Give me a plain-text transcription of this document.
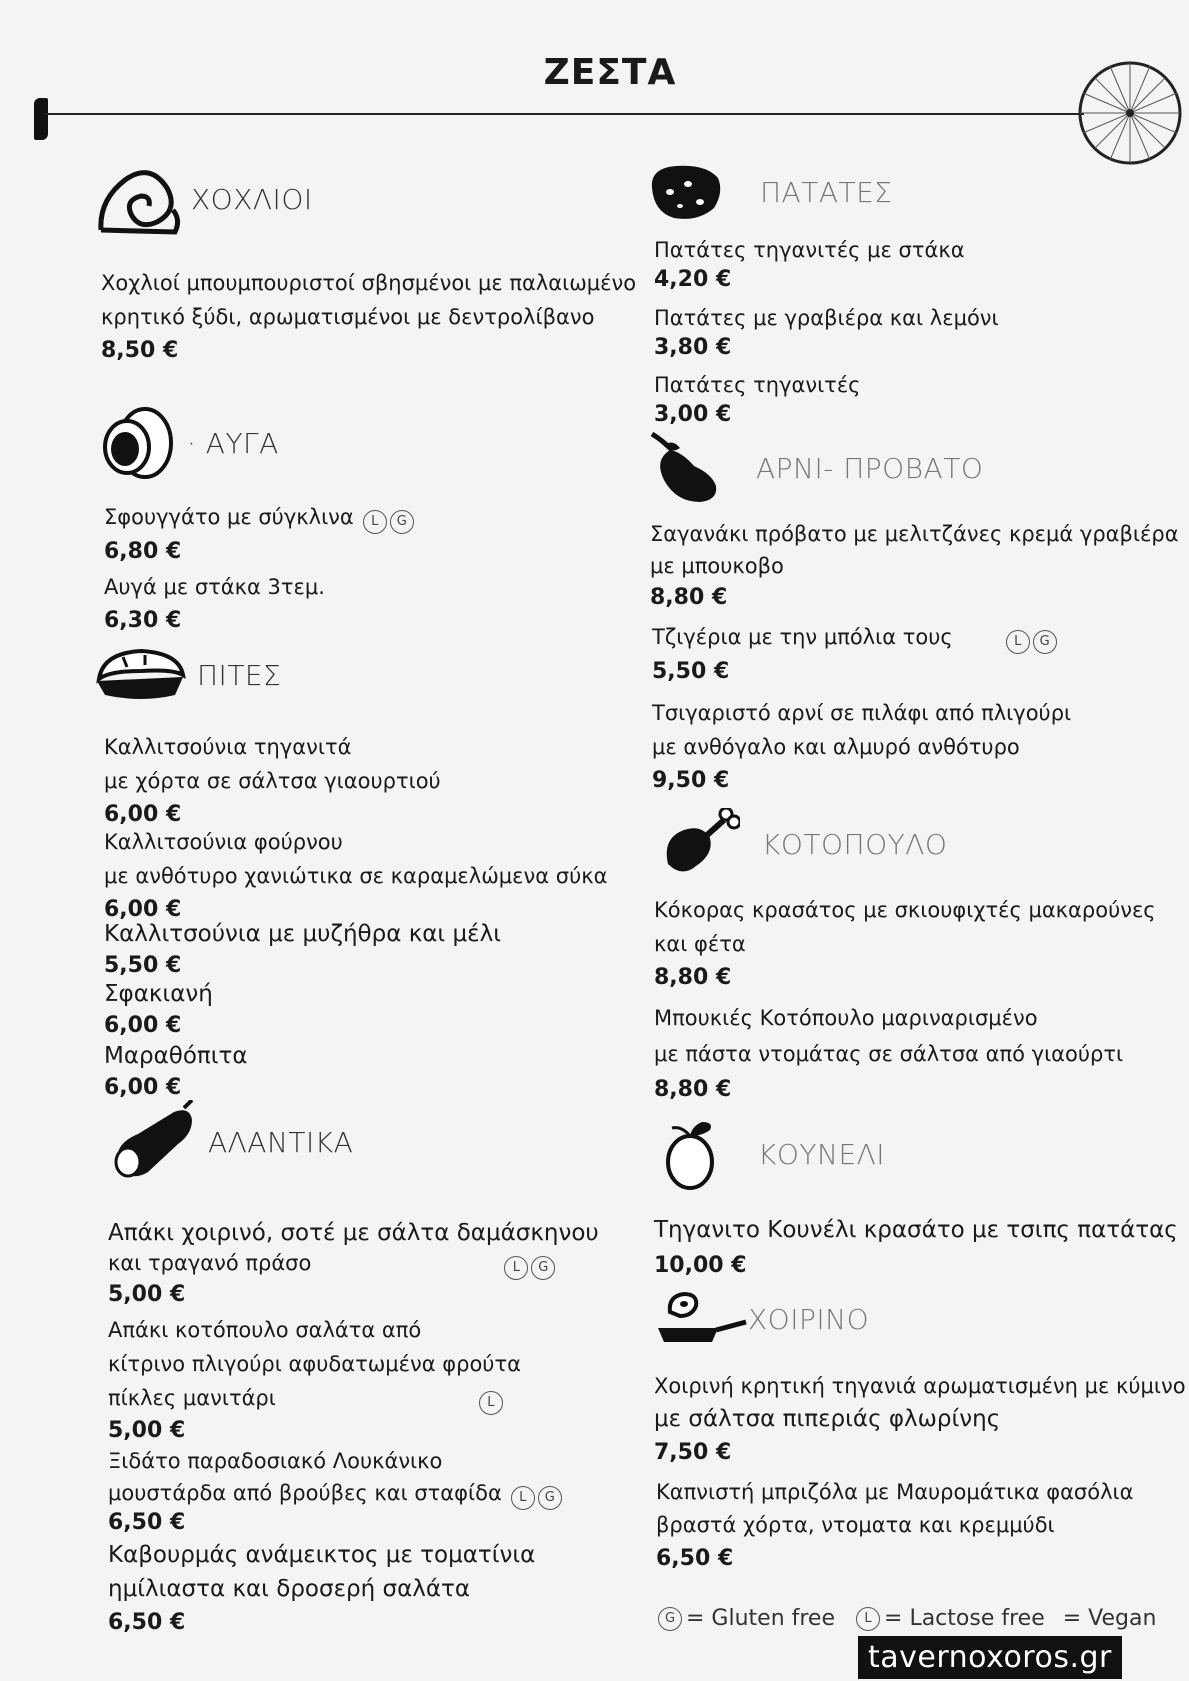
ΖΕΣΤΑ
ΧΟΧΛΙΟΙ
Χοχλιοί μπουμπουριστοί σβησμένοι με παλαιωμένο
κρητικό ξύδι, αρωματισμένοι με δεντρολίβανο
8,50 €
· ΑΥΓΑ
Σφουγγάτο με σύγκλινα L G
6,80 €
Αυγά με στάκα 3τεμ.
6,30 €
ΠΙΤΕΣ
Καλλιτσούνια τηγανιτά
με χόρτα σε σάλτσα γιαουρτιού
6,00 €
Καλλιτσούνια φούρνου
με ανθότυρο χανιώτικα σε καραμελώμενα σύκα
6,00 €
Καλλιτσούνια με μυζήθρα και μέλι
5,50 €
Σφακιανή
6,00 €
Μαραθόπιτα
6,00 €
ΑΛΑΝΤΙΚΑ
Απάκι χοιρινό, σοτέ με σάλτα δαμάσκηνου
και τραγανό πράσο	L G
5,00 €
Απάκι κοτόπουλο σαλάτα από
κίτρινο πλιγούρι αφυδατωμένα φρούτα
πίκλες μανιτάρι	L
5,00 €
Ξιδάτο παραδοσιακό Λουκάνικο
μουστάρδα από βρούβες και σταφίδα L G
6,50 €
Καβουρμάς ανάμεικτος με τοματίνια
ημίλιαστα και δροσερή σαλάτα
6,50 €
ΠΑΤΑΤΕΣ
Πατάτες τηγανιτές με στάκα
4,20 €
Πατάτες με γραβιέρα και λεμόνι
3,80 €
Πατάτες τηγανιτές
3,00 €
ΑΡΝΙ- ΠΡΟΒΑΤΟ
Σαγανάκι πρόβατο με μελιτζάνες κρεμά γραβιέρα
με μπουκοβο
8,80 €
Τζιγέρια με την μπόλια τους	L G
5,50 €
Τσιγαριστό αρνί σε πιλάφι από πλιγούρι
με ανθόγαλο και αλμυρό ανθότυρο
9,50 €
ΚΟΤΟΠΟΥΛΟ
Κόκορας κρασάτος με σκιουφιχτές μακαρούνες
και φέτα
8,80 €
Μπουκιές Κοτόπουλο μαριναρισμένο
με πάστα ντομάτας σε σάλτσα από γιαούρτι
8,80 €
ΚΟΥΝΕΛΙ
Τηγανιτο Κουνέλι κρασάτο με τσιπς πατάτας
10,00 €
ΧΟΙΡΙΝΟ
Χοιρινή κρητική τηγανιά αρωματισμένη με κύμινο
με σάλτσα πιπεριάς φλωρίνης
7,50 €
Καπνιστή μπριζόλα με Μαυρομάτικα φασόλια
βραστά χόρτα, ντοματα και κρεμμύδι
6,50 €
G = Gluten free	L = Lactose free = Vegan
tavernoxoros.gr
